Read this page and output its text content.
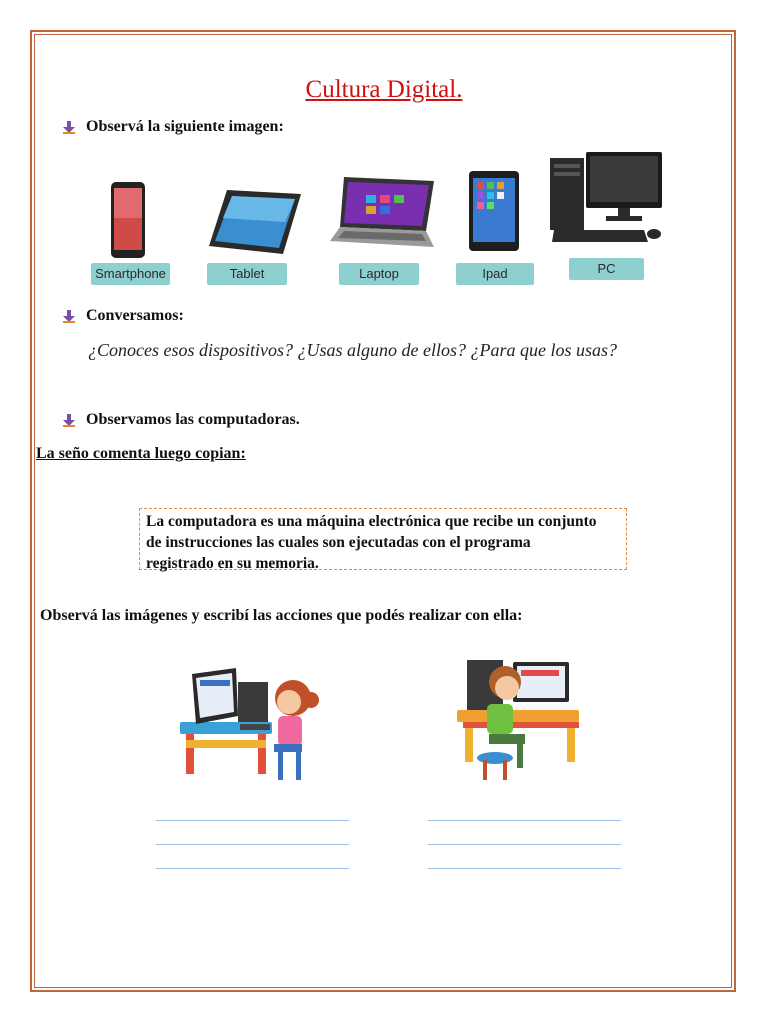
Cultura Digital.
Observá la siguiente imagen:
Smartphone	Tablet	Laptop	Ipad	PC
Conversamos:
¿Conoces esos dispositivos? ¿Usas alguno de ellos? ¿Para que los usas?
Observamos las computadoras.
La seño comenta luego copian:
La computadora es una máquina electrónica que recibe un conjunto
de instrucciones las cuales son ejecutadas con el programa
registrado en su memoria.
Observá las imágenes y escribí las acciones que podés realizar con ella:
